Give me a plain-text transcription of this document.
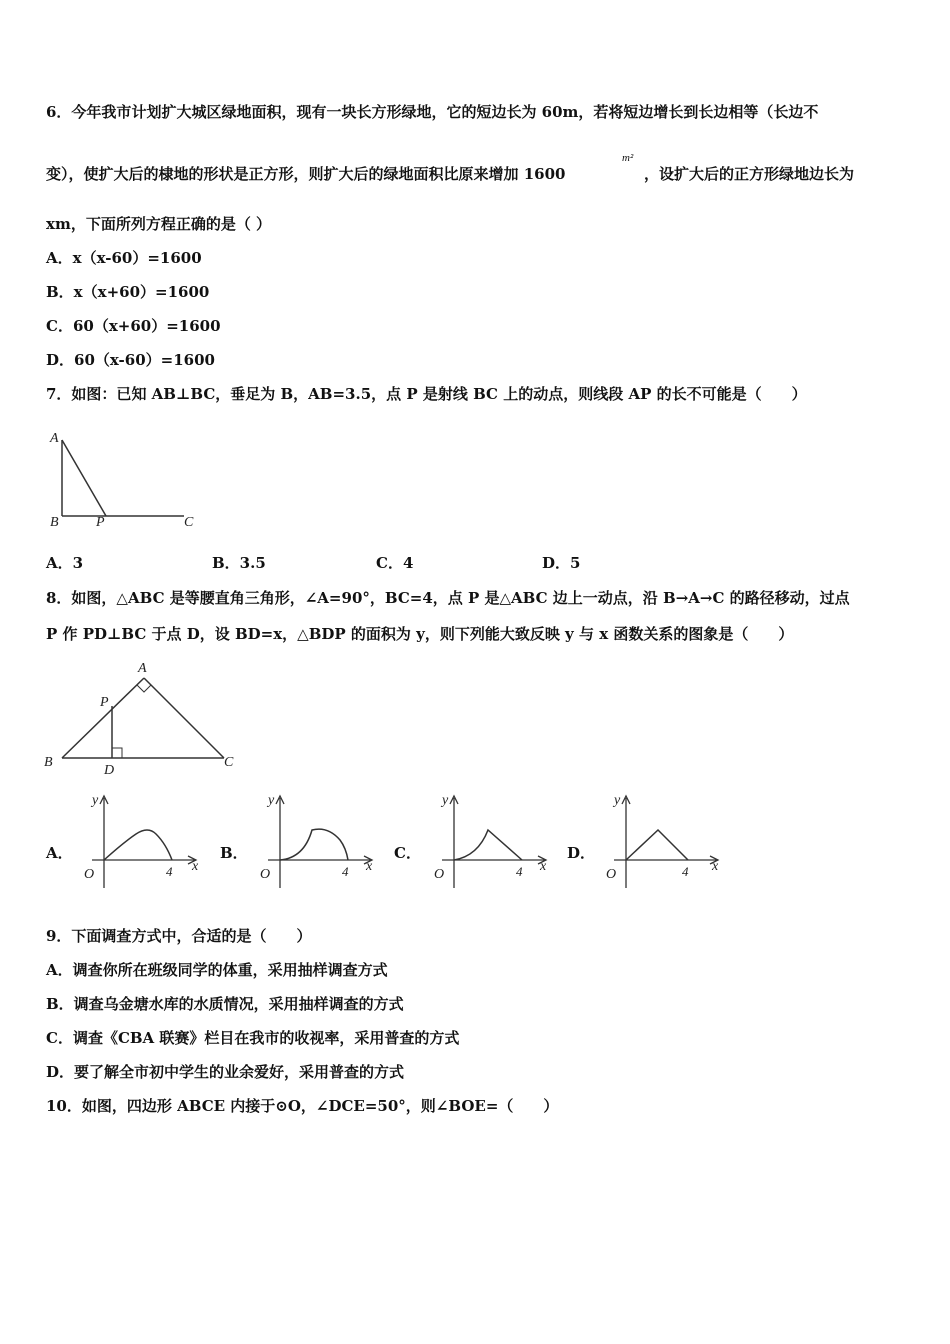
6．今年我市计划扩大城区绿地面积，现有一块长方形绿地，它的短边长为 60m，若将短边增长到长边相等（长边不
变），使扩大后的棣地的形状是正方形，则扩大后的绿地面积比原来增加 1600
m²
，设扩大后的正方形绿地边长为
xm，下面所列方程正确的是（ ）
A．x（x-60）=1600
B．x（x+60）=1600
C．60（x+60）=1600
D．60（x-60）=1600
7．如图：已知 AB⊥BC，垂足为 B，AB=3.5，点 P 是射线 BC 上的动点，则线段 AP 的长不可能是（　　）
A
B	P	C
A．3	B．3.5	C．4	D．5
8．如图，△ABC 是等腰直角三角形，∠A=90°，BC=4，点 P 是△ABC 边上一动点，沿 B→A→C 的路径移动，过点
P 作 PD⊥BC 于点 D，设 BD=x，△BDP 的面积为 y，则下列能大致反映 y 与 x 函数关系的图象是（　　）
A
B	C
P
D
A．
y
x
O	4
B．
y
x
O	4
C．
y
x
O	4
D．
y
x
O	4
9．下面调查方式中，合适的是（　　）
A．调查你所在班级同学的体重，采用抽样调查方式
B．调查乌金塘水库的水质情况，采用抽样调查的方式
C．调查《CBA 联赛》栏目在我市的收视率，采用普查的方式
D．要了解全市初中学生的业余爱好，采用普查的方式
10．如图，四边形 ABCE 内接于⊙O，∠DCE=50°，则∠BOE=（　　）
